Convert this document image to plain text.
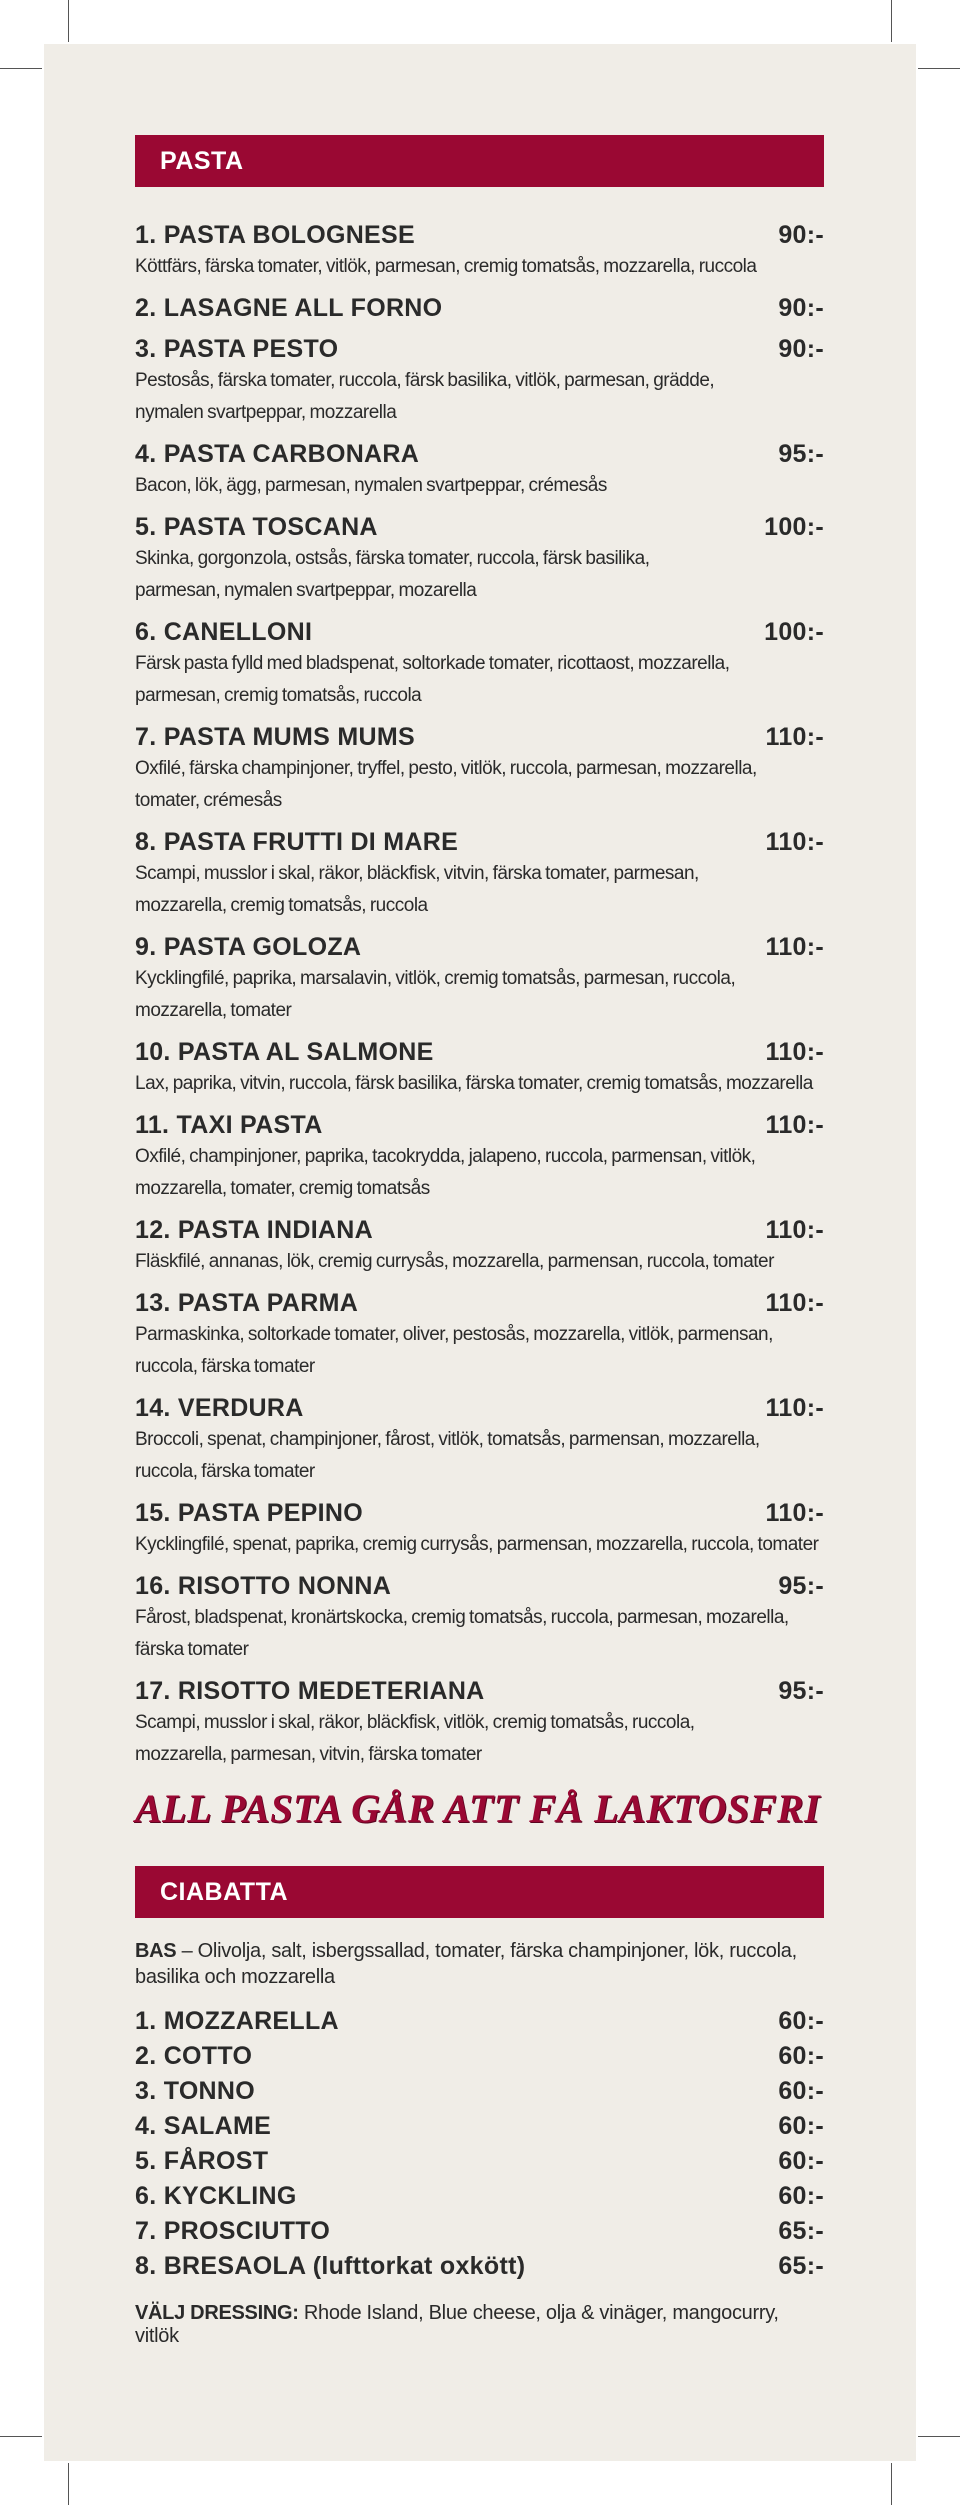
PASTA
1. PASTA BOLOGNESE	90:-
Köttfärs, färska tomater, vitlök, parmesan, cremig tomatsås, mozzarella, ruccola
2. LASAGNE ALL FORNO	90:-
3. PASTA PESTO	90:-
Pestosås, färska tomater, ruccola, färsk basilika, vitlök, parmesan, grädde, nymalen svartpeppar, mozzarella
4. PASTA CARBONARA	95:-
Bacon, lök, ägg, parmesan, nymalen svartpeppar, crémesås
5. PASTA TOSCANA	100:-
Skinka, gorgonzola, ostsås, färska tomater, ruccola, färsk basilika, parmesan, nymalen svartpeppar, mozarella
6. CANELLONI	100:-
Färsk pasta fylld med bladspenat, soltorkade tomater, ricottaost, mozzarella, parmesan, cremig tomatsås, ruccola
7. PASTA MUMS MUMS	110:-
Oxfilé, färska champinjoner, tryffel, pesto, vitlök, ruccola, parmesan, mozzarella, tomater, crémesås
8. PASTA FRUTTI DI MARE	110:-
Scampi, musslor i skal, räkor, bläckfisk, vitvin, färska tomater, parmesan, mozzarella, cremig tomatsås, ruccola
9. PASTA GOLOZA	110:-
Kycklingfilé, paprika, marsalavin, vitlök, cremig tomatsås, parmesan, ruccola, mozzarella, tomater
10. PASTA AL SALMONE	110:-
Lax, paprika, vitvin, ruccola, färsk basilika, färska tomater, cremig tomatsås, mozzarella
11. TAXI PASTA	110:-
Oxfilé, champinjoner, paprika, tacokrydda, jalapeno, ruccola, parmensan, vitlök, mozzarella, tomater, cremig tomatsås
12. PASTA INDIANA	110:-
Fläskfilé, annanas, lök, cremig currysås, mozzarella, parmensan, ruccola, tomater
13. PASTA PARMA	110:-
Parmaskinka, soltorkade tomater, oliver, pestosås, mozzarella, vitlök, parmensan, ruccola, färska tomater
14. VERDURA	110:-
Broccoli, spenat, champinjoner, fårost, vitlök, tomatsås, parmensan, mozzarella, ruccola, färska tomater
15. PASTA PEPINO	110:-
Kycklingfilé, spenat, paprika, cremig currysås, parmensan, mozzarella, ruccola, tomater
16. RISOTTO NONNA	95:-
Fårost, bladspenat, kronärtskocka, cremig tomatsås, ruccola, parmesan, mozarella, färska tomater
17. RISOTTO MEDETERIANA	95:-
Scampi, musslor i skal, räkor, bläckfisk, vitlök, cremig tomatsås, ruccola, mozzarella, parmesan, vitvin, färska tomater
ALL PASTA GÅR ATT FÅ LAKTOSFRI
CIABATTA
BAS – Olivolja, salt, isbergssallad, tomater, färska champinjoner, lök, ruccola, basilika och mozzarella
1. MOZZARELLA	60:-
2. COTTO	60:-
3. TONNO	60:-
4. SALAME	60:-
5. FÅROST	60:-
6. KYCKLING	60:-
7. PROSCIUTTO	65:-
8. BRESAOLA (lufttorkat oxkött)	65:-
VÄLJ DRESSING: Rhode Island, Blue cheese, olja & vinäger, mangocurry, vitlök
